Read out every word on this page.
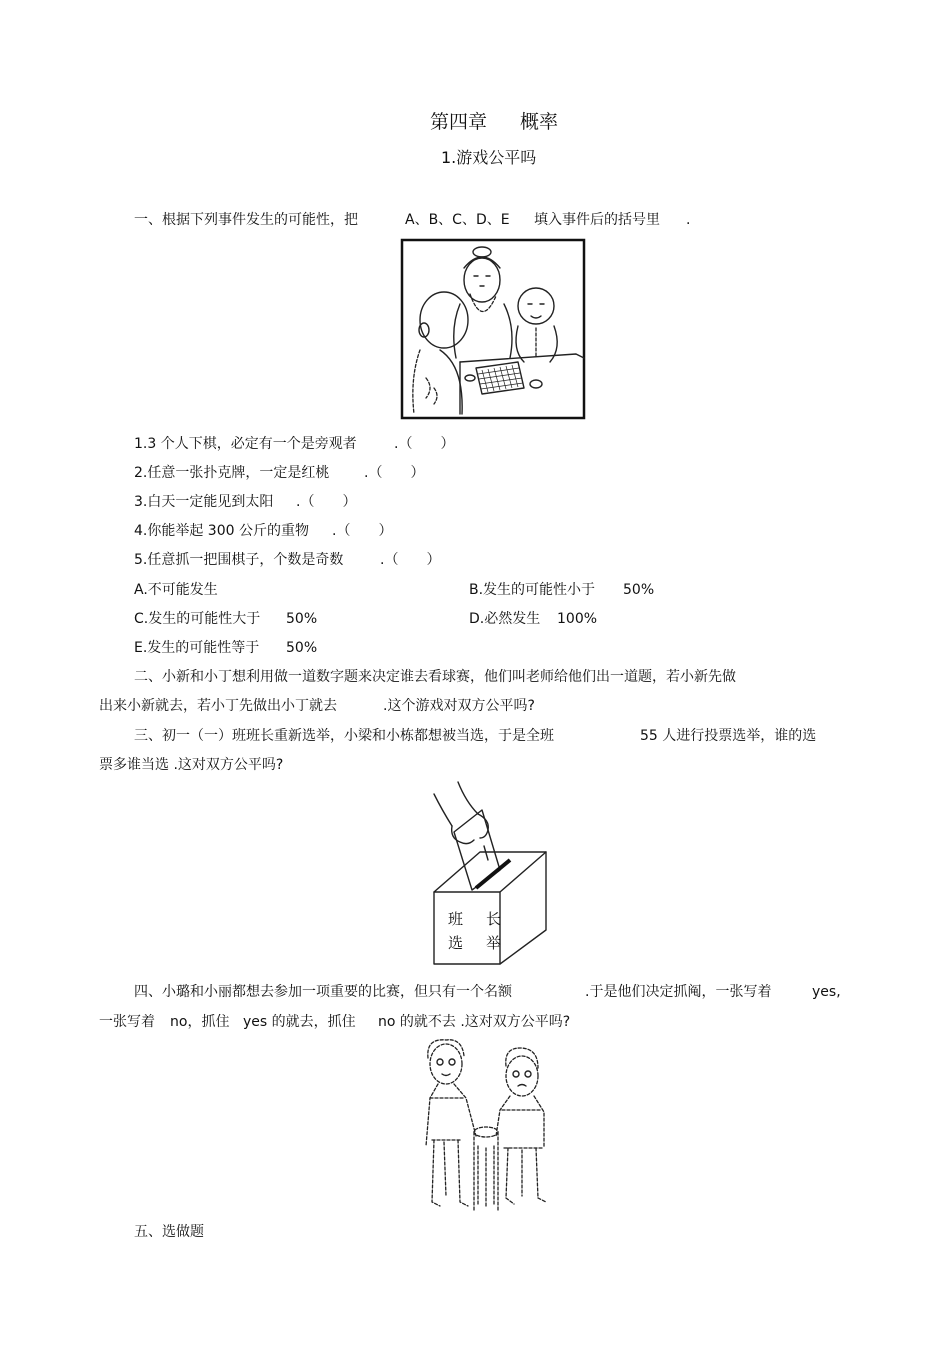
第四章 概率
1.游戏公平吗
一、根据下列事件发生的可能性，把	A、B、C、D、E 填入事件后的括号里 .
1.3 个人下棋，必定有一个是旁观者	.（　　）
2.任意一张扑克牌，一定是红桃 .（　　）
3.白天一定能见到太阳 .（　　）
4.你能举起 300 公斤的重物 .（　　）
5.任意抓一把围棋子，个数是奇数	.（　　）
A.不可能发生	B.发生的可能性小于 50%
C.发生的可能性大于 50%	D.必然发生 100%
E.发生的可能性等于 50%
二、小新和小丁想利用做一道数字题来决定谁去看球赛，他们叫老师给他们出一道题，若小新先做
出来小新就去，若小丁先做出小丁就去	.这个游戏对双方公平吗?
三、初一（一）班班长重新选举，小梁和小栋都想被当选，于是全班	55 人进行投票选举，谁的选
票多谁当选 .这对双方公平吗?
班 长
选 举
四、小璐和小丽都想去参加一项重要的比赛，但只有一个名额	.于是他们决定抓阄，一张写着	yes,
一张写着 no，抓住 yes 的就去，抓住 no 的就不去 .这对双方公平吗?
五、选做题
